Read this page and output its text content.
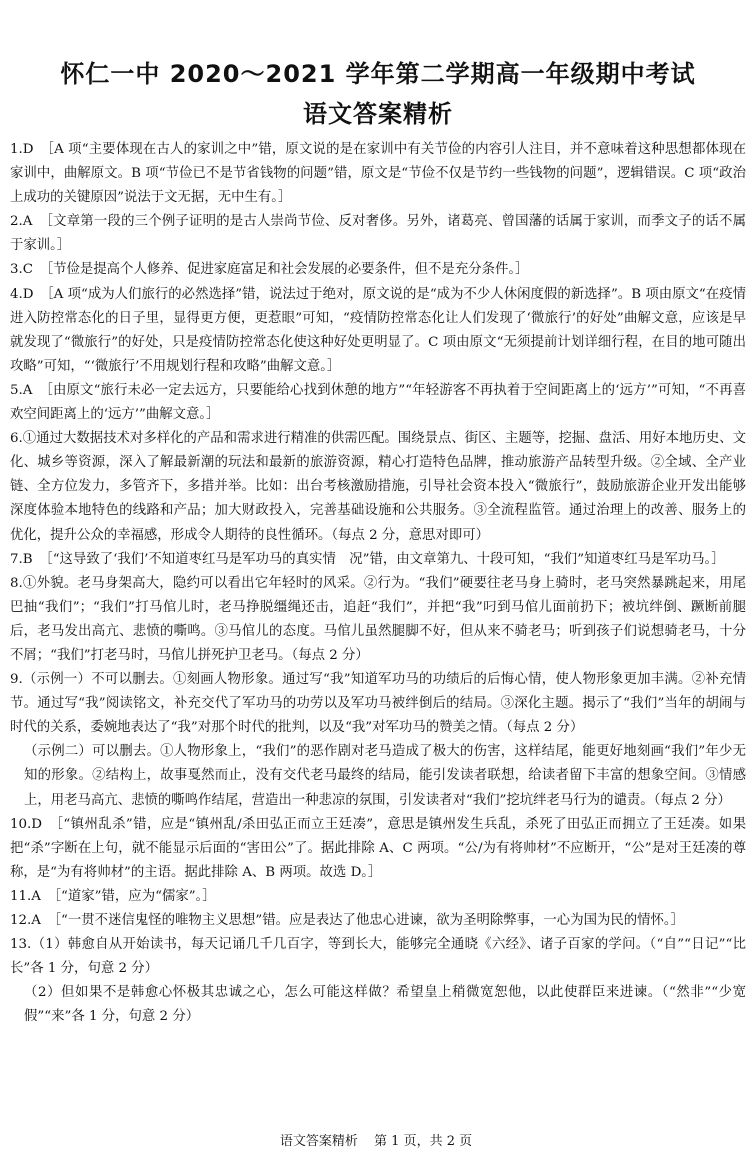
怀仁一中 2020～2021 学年第二学期高一年级期中考试
语文答案精析

1.D　［A 项“主要体现在古人的家训之中”错，原文说的是在家训中有关节俭的内容引人注目，并不意味着这种思想都体现在家训中，曲解原文。B 项“节俭已不是节省钱物的问题”错，原文是“节俭不仅是节约一些钱物的问题”，逻辑错误。C 项“政治上成功的关键原因”说法于文无据，无中生有。］

2.A　［文章第一段的三个例子证明的是古人崇尚节俭、反对奢侈。另外，诸葛亮、曾国藩的话属于家训，而季文子的话不属于家训。］

3.C　［节俭是提高个人修养、促进家庭富足和社会发展的必要条件，但不是充分条件。］

4.D　［A 项“成为人们旅行的必然选择”错，说法过于绝对，原文说的是“成为不少人休闲度假的新选择”。B 项由原文“在疫情进入防控常态化的日子里，显得更方便，更惹眼”可知，“疫情防控常态化让人们发现了‘微旅行’的好处”曲解文意，应该是早就发现了“微旅行”的好处，只是疫情防控常态化使这种好处更明显了。C 项由原文“无须提前计划详细行程，在目的地可随出攻略”可知，“‘微旅行’不用规划行程和攻略”曲解文意。］

5.A　［由原文“旅行未必一定去远方，只要能给心找到休憩的地方”“年轻游客不再执着于空间距离上的‘远方’”可知，“不再喜欢空间距离上的‘远方’”曲解文意。］

6.①通过大数据技术对多样化的产品和需求进行精准的供需匹配。围绕景点、街区、主题等，挖掘、盘活、用好本地历史、文化、城乡等资源，深入了解最新潮的玩法和最新的旅游资源，精心打造特色品牌，推动旅游产品转型升级。②全域、全产业链、全方位发力，多管齐下，多措并举。比如：出台考核激励措施，引导社会资本投入“微旅行”，鼓励旅游企业开发出能够深度体验本地特色的线路和产品；加大财政投入，完善基础设施和公共服务。③全流程监管。通过治理上的改善、服务上的优化，提升公众的幸福感，形成令人期待的良性循环。（每点 2 分，意思对即可）

7.B　［“这导致了‘我们’不知道枣红马是军功马的真实情　况”错，由文章第九、十段可知，“我们”知道枣红马是军功马。］

8.①外貌。老马身架高大，隐约可以看出它年轻时的风采。②行为。“我们”硬要往老马身上骑时，老马突然暴跳起来，用尾巴抽“我们”；“我们”打马倌儿时，老马挣脱缰绳还击，追赶“我们”，并把“我”叼到马倌儿面前扔下；被坑绊倒、蹶断前腿后，老马发出高亢、悲愤的嘶鸣。③马倌儿的态度。马倌儿虽然腿脚不好，但从来不骑老马；听到孩子们说想骑老马，十分不屑；“我们”打老马时，马倌儿拼死护卫老马。（每点 2 分）

9.（示例一）不可以删去。①刻画人物形象。通过写“我”知道军功马的功绩后的后悔心情，使人物形象更加丰满。②补充情节。通过写“我”阅读铭文，补充交代了军功马的功劳以及军功马被绊倒后的结局。③深化主题。揭示了“我们”当年的胡闹与时代的关系，委婉地表达了“我”对那个时代的批判，以及“我”对军功马的赞美之情。（每点 2 分）

（示例二）可以删去。①人物形象上，“我们”的恶作剧对老马造成了极大的伤害，这样结尾，能更好地刻画“我们”年少无知的形象。②结构上，故事戛然而止，没有交代老马最终的结局，能引发读者联想，给读者留下丰富的想象空间。③情感上，用老马高亢、悲愤的嘶鸣作结尾，营造出一种悲凉的氛围，引发读者对“我们”挖坑绊老马行为的谴责。（每点 2 分）

10.D　［“镇州乱杀”错，应是“镇州乱/杀田弘正而立王廷凑”，意思是镇州发生兵乱，杀死了田弘正而拥立了王廷凑。如果把“杀”字断在上句，就不能显示后面的“害田公”了。据此排除 A、C 两项。“公/为有将帅材”不应断开，“公”是对王廷凑的尊称，是“为有将帅材”的主语。据此排除 A、B 两项。故选 D。］

11.A　［“道家”错，应为“儒家”。］

12.A　［“一贯不迷信鬼怪的唯物主义思想”错。应是表达了他忠心进谏，欲为圣明除弊事，一心为国为民的情怀。］

13.（1）韩愈自从开始读书，每天记诵几千几百字，等到长大，能够完全通晓《六经》、诸子百家的学问。（“自”“日记”“比长”各 1 分，句意 2 分）

（2）但如果不是韩愈心怀极其忠诚之心，怎么可能这样做？希望皇上稍微宽恕他，以此使群臣来进谏。（“然非”“少宽假”“来”各 1 分，句意 2 分）

语文答案精析 第 1 页，共 2 页
